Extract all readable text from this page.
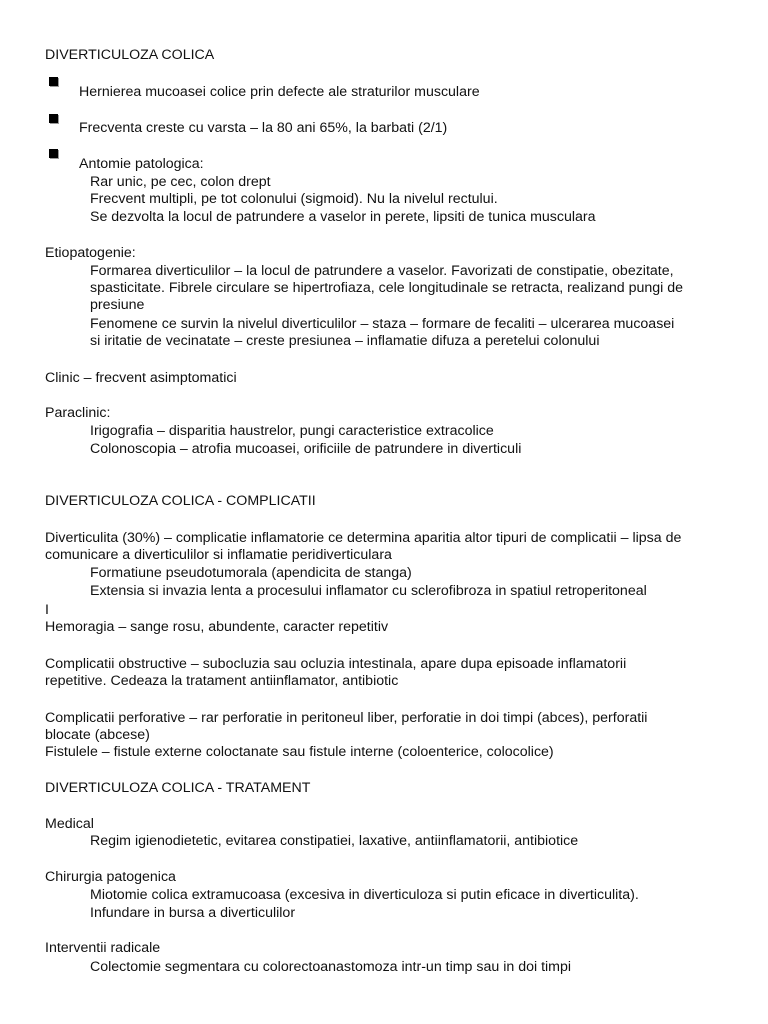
DIVERTICULOZA COLICA
Hernierea mucoasei colice prin defecte ale straturilor musculare
Frecventa creste cu varsta – la 80 ani 65%, la barbati (2/1)
Antomie patologica:
Rar unic, pe cec, colon drept
Frecvent multipli, pe tot colonului (sigmoid). Nu la nivelul rectului.
Se dezvolta la locul de patrundere a vaselor in perete, lipsiti de tunica musculara
Etiopatogenie:
Formarea diverticulilor – la locul de patrundere a vaselor. Favorizati de constipatie, obezitate,
spasticitate. Fibrele circulare se hipertrofiaza, cele longitudinale se retracta, realizand pungi de
presiune
Fenomene ce survin la nivelul diverticulilor – staza – formare de fecaliti – ulcerarea mucoasei
si iritatie de vecinatate – creste presiunea – inflamatie difuza a peretelui colonului
Clinic – frecvent asimptomatici
Paraclinic:
Irigografia – disparitia haustrelor, pungi caracteristice extracolice
Colonoscopia – atrofia mucoasei, orificiile de patrundere in diverticuli
DIVERTICULOZA COLICA - COMPLICATII
Diverticulita (30%) – complicatie inflamatorie ce determina aparitia altor tipuri de complicatii – lipsa de
comunicare a diverticulilor si inflamatie peridiverticulara
Formatiune pseudotumorala (apendicita de stanga)
Extensia si invazia lenta a procesului inflamator cu sclerofibroza in spatiul retroperitoneal
I
Hemoragia – sange rosu, abundente, caracter repetitiv
Complicatii obstructive – subocluzia sau ocluzia intestinala, apare dupa episoade inflamatorii
repetitive. Cedeaza la tratament antiinflamator, antibiotic
Complicatii perforative – rar perforatie in peritoneul liber, perforatie in doi timpi (abces), perforatii
blocate (abcese)
Fistulele – fistule externe coloctanate sau fistule interne (coloenterice, colocolice)
DIVERTICULOZA COLICA - TRATAMENT
Medical
Regim igienodietetic, evitarea constipatiei, laxative, antiinflamatorii, antibiotice
Chirurgia patogenica
Miotomie colica extramucoasa (excesiva in diverticuloza si putin eficace in diverticulita).
Infundare in bursa a diverticulilor
Interventii radicale
Colectomie segmentara cu colorectoanastomoza intr-un timp sau in doi timpi
